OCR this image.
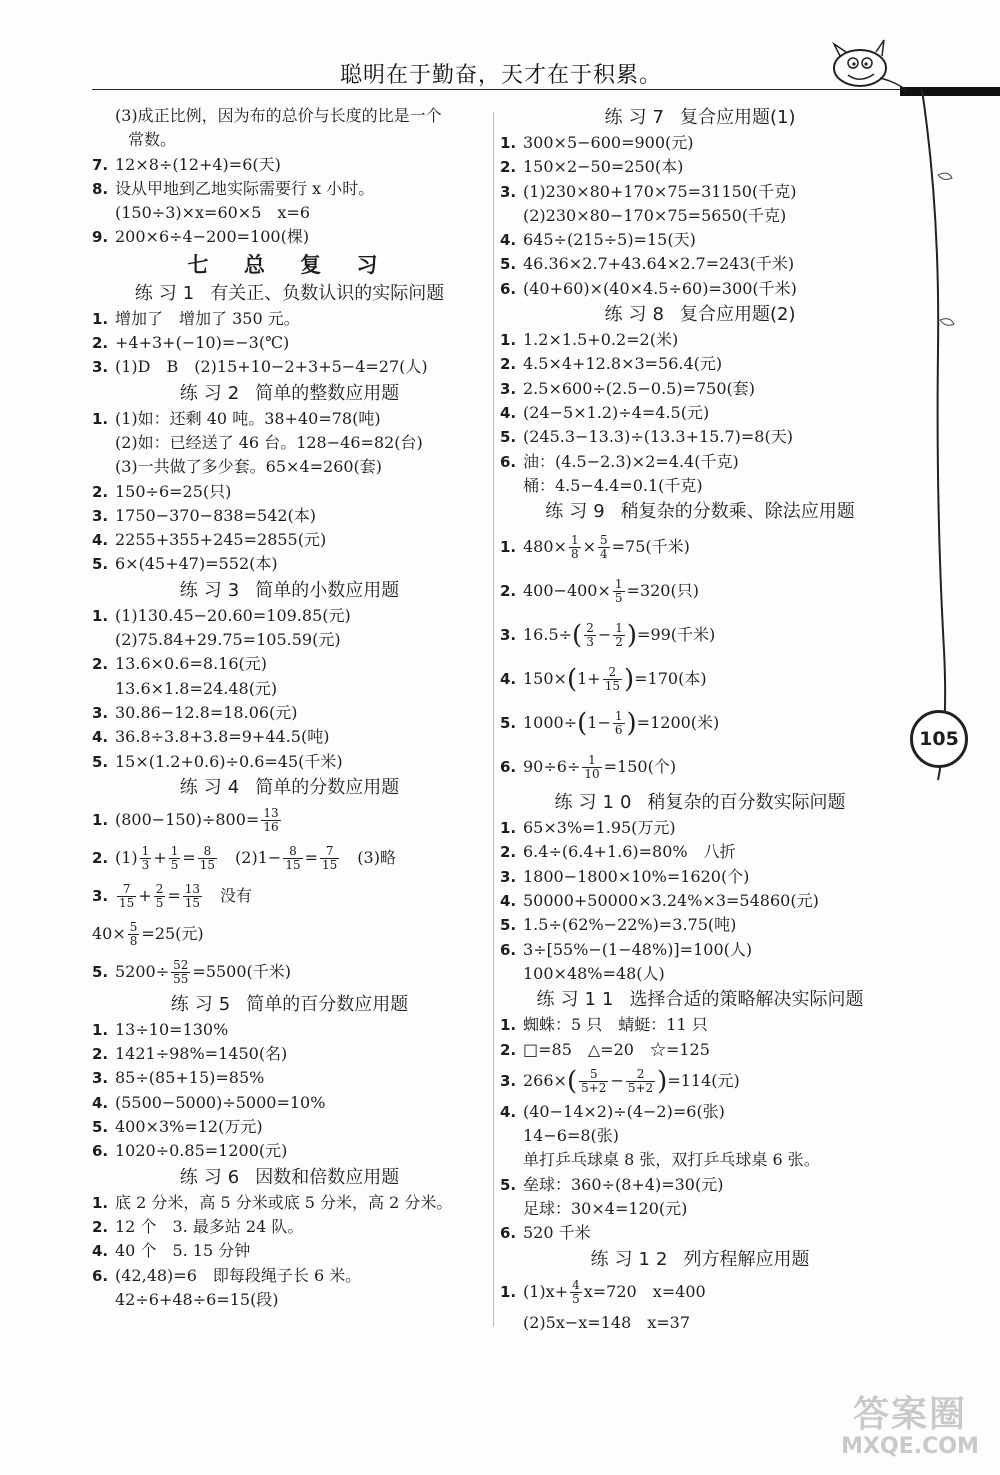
聪明在于勤奋，天才在于积累。
105
(3)成正比例，因为布的总价与长度的比是一个
常数。
7. 12×8÷(12+4)=6(天)
8. 设从甲地到乙地实际需要行 x 小时。
(150÷3)×x=60×5　x=6
9. 200×6÷4−200=100(棵)
七 总 复 习
练习1 有关正、负数认识的实际问题
1. 增加了　增加了 350 元。
2. +4+3+(−10)=−3(℃)
3. (1)D　B　(2)15+10−2+3+5−4=27(人)
练习2 简单的整数应用题
1. (1)如：还剩 40 吨。38+40=78(吨)
(2)如：已经送了 46 台。128−46=82(台)
(3)一共做了多少套。65×4=260(套)
2. 150÷6=25(只)
3. 1750−370−838=542(本)
4. 2255+355+245=2855(元)
5. 6×(45+47)=552(本)
练习3 简单的小数应用题
1. (1)130.45−20.60=109.85(元)
(2)75.84+29.75=105.59(元)
2. 13.6×0.6=8.16(元)
13.6×1.8=24.48(元)
3. 30.86−12.8=18.06(元)
4. 36.8÷3.8+3.8=9+44.5(吨)
5. 15×(1.2+0.6)÷0.6=45(千米)
练习4 简单的分数应用题
1. $(800-150)\div 800= \frac{13}{16}$
2. $(1) \frac{1}{3} + \frac{1}{5} = \frac{8}{15}$ 　$(2)1- \frac{8}{15} = \frac{7}{15}$ 　(3)略
3. $\frac{7}{15} + \frac{2}{5} = \frac{13}{15}$ 　没有
$40\times \frac{5}{8} =25$(元)
5. $5200\div \frac{52}{55} =5500$(千米)
练习5 简单的百分数应用题
1. 13÷10=130%
2. 1421÷98%=1450(名)
3. 85÷(85+15)=85%
4. (5500−5000)÷5000=10%
5. 400×3%=12(万元)
6. 1020÷0.85=1200(元)
练习6 因数和倍数应用题
1. 底 2 分米，高 5 分米或底 5 分米，高 2 分米。
2. 12 个　3. 最多站 24 队。
4. 40 个　5. 15 分钟
6. (42,48)=6　即每段绳子长 6 米。
42÷6+48÷6=15(段)
练习7 复合应用题(1)
1. 300×5−600=900(元)
2. 150×2−50=250(本)
3. (1)230×80+170×75=31150(千克)
(2)230×80−170×75=5650(千克)
4. 645÷(215÷5)=15(天)
5. 46.36×2.7+43.64×2.7=243(千米)
6. (40+60)×(40×4.5÷60)=300(千米)
练习8 复合应用题(2)
1. 1.2×1.5+0.2=2(米)
2. 4.5×4+12.8×3=56.4(元)
3. 2.5×600÷(2.5−0.5)=750(套)
4. (24−5×1.2)÷4=4.5(元)
5. (245.3−13.3)÷(13.3+15.7)=8(天)
6. 油：(4.5−2.3)×2=4.4(千克)
桶：4.5−4.4=0.1(千克)
练习9 稍复杂的分数乘、除法应用题
1. $480\times \frac{1}{8} \times \frac{5}{4} =75$(千米)
2. $400-400\times \frac{1}{5} =320$(只)
3. $16.5\div( \frac{2}{3} - \frac{1}{2} )=99$(千米)
4. $150\times(1+ \frac{2}{15} )=170$(本)
5. $1000\div(1- \frac{1}{6} )=1200$(米)
6. $90\div 6\div \frac{1}{10} =150$(个)
练习10 稍复杂的百分数实际问题
1. 65×3%=1.95(万元)
2. 6.4÷(6.4+1.6)=80%　八折
3. 1800−1800×10%=1620(个)
4. 50000+50000×3.24%×3=54860(元)
5. 1.5÷(62%−22%)=3.75(吨)
6. 3÷[55%−(1−48%)]=100(人)
100×48%=48(人)
练习11 选择合适的策略解决实际问题
1. 蜘蛛：5 只　蜻蜓：11 只
2. □=85　△=20　☆=125
3. $266\times( \frac{5}{5+2} - \frac{2}{5+2} )=114$(元)
4. (40−14×2)÷(4−2)=6(张)
14−6=8(张)
单打乒乓球桌 8 张，双打乒乓球桌 6 张。
5. 垒球：360÷(8+4)=30(元)
足球：30×4=120(元)
6. 520 千米
练习12 列方程解应用题
1. $(1)x+ \frac{4}{5} x=720$　x=400
(2)5x−x=148　x=37
答案圈
MXQE.COM
